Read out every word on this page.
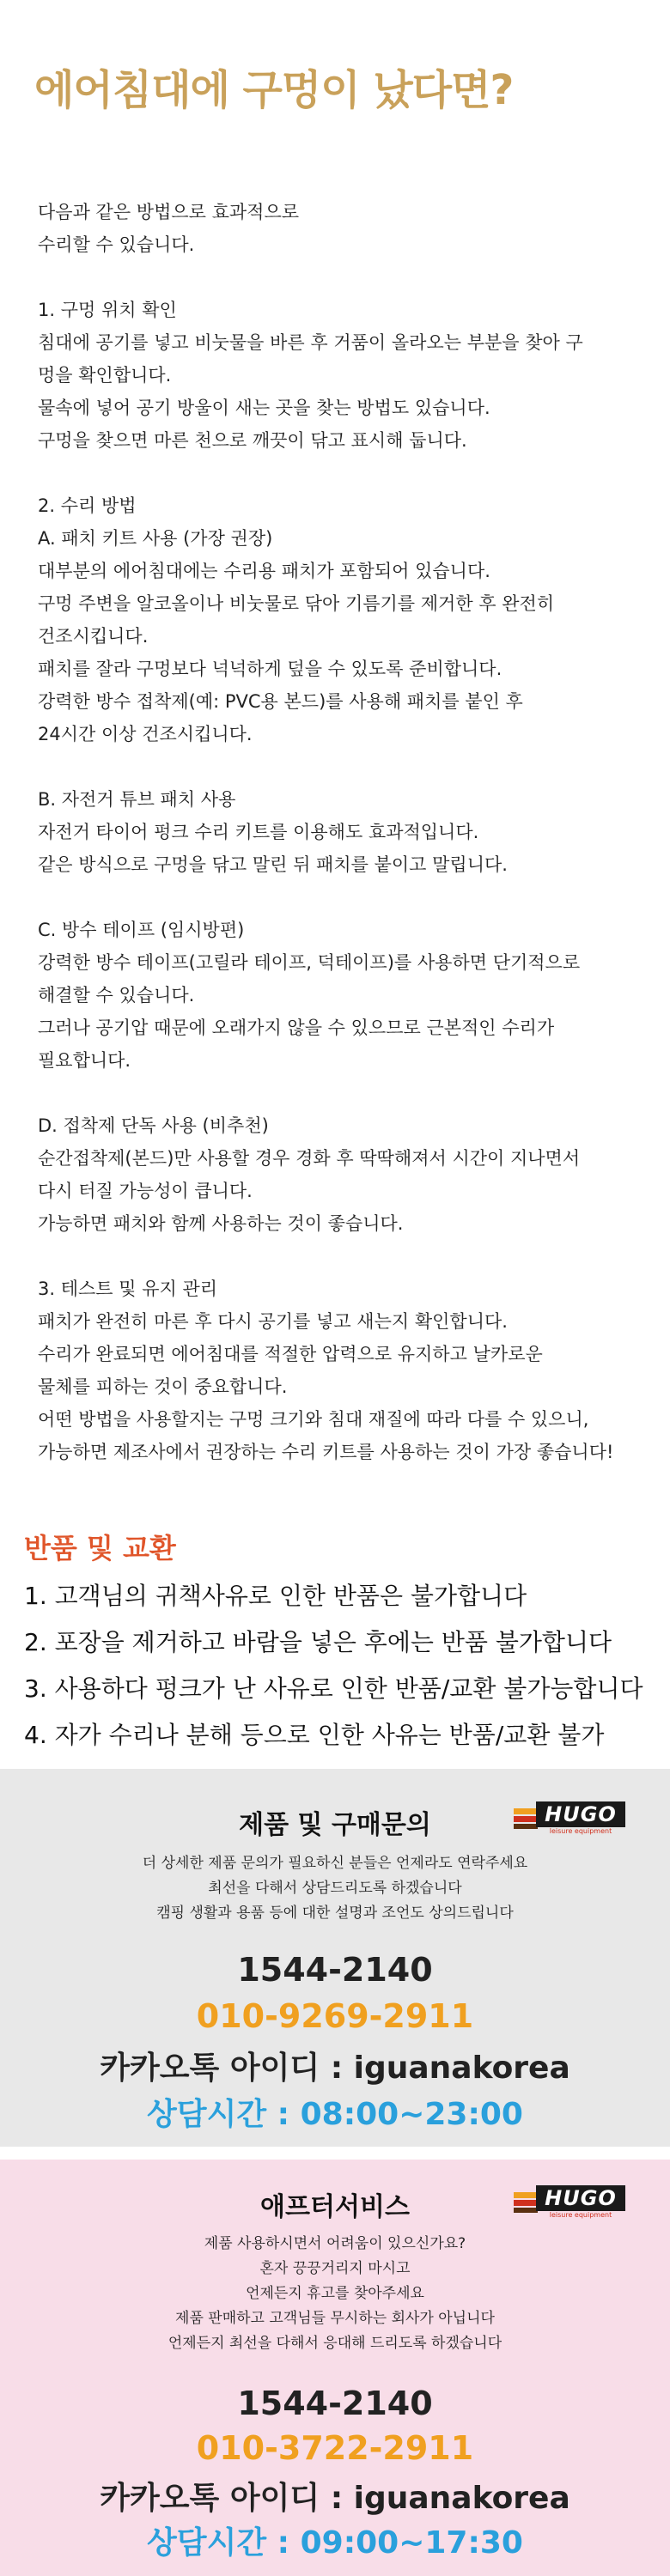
에어침대에 구멍이 났다면?
다음과 같은 방법으로 효과적으로
수리할 수 있습니다.
1. 구멍 위치 확인
침대에 공기를 넣고 비눗물을 바른 후 거품이 올라오는 부분을 찾아 구
멍을 확인합니다.
물속에 넣어 공기 방울이 새는 곳을 찾는 방법도 있습니다.
구멍을 찾으면 마른 천으로 깨끗이 닦고 표시해 둡니다.
2. 수리 방법
A. 패치 키트 사용 (가장 권장)
대부분의 에어침대에는 수리용 패치가 포함되어 있습니다.
구멍 주변을 알코올이나 비눗물로 닦아 기름기를 제거한 후 완전히
건조시킵니다.
패치를 잘라 구멍보다 넉넉하게 덮을 수 있도록 준비합니다.
강력한 방수 접착제(예: PVC용 본드)를 사용해 패치를 붙인 후
24시간 이상 건조시킵니다.
B. 자전거 튜브 패치 사용
자전거 타이어 펑크 수리 키트를 이용해도 효과적입니다.
같은 방식으로 구멍을 닦고 말린 뒤 패치를 붙이고 말립니다.
C. 방수 테이프 (임시방편)
강력한 방수 테이프(고릴라 테이프, 덕테이프)를 사용하면 단기적으로
해결할 수 있습니다.
그러나 공기압 때문에 오래가지 않을 수 있으므로 근본적인 수리가
필요합니다.
D. 접착제 단독 사용 (비추천)
순간접착제(본드)만 사용할 경우 경화 후 딱딱해져서 시간이 지나면서
다시 터질 가능성이 큽니다.
가능하면 패치와 함께 사용하는 것이 좋습니다.
3. 테스트 및 유지 관리
패치가 완전히 마른 후 다시 공기를 넣고 새는지 확인합니다.
수리가 완료되면 에어침대를 적절한 압력으로 유지하고 날카로운
물체를 피하는 것이 중요합니다.
어떤 방법을 사용할지는 구멍 크기와 침대 재질에 따라 다를 수 있으니,
가능하면 제조사에서 권장하는 수리 키트를 사용하는 것이 가장 좋습니다!
반품 및 교환
1. 고객님의 귀책사유로 인한 반품은 불가합니다
2. 포장을 제거하고 바람을 넣은 후에는 반품 불가합니다
3. 사용하다 펑크가 난 사유로 인한 반품/교환 불가능합니다
4. 자가 수리나 분해 등으로 인한 사유는 반품/교환 불가
제품 및 구매문의	HUGO
leisure equipment
더 상세한 제품 문의가 필요하신 분들은 언제라도 연락주세요
최선을 다해서 상담드리도록 하겠습니다
캠핑 생활과 용품 등에 대한 설명과 조언도 상의드립니다
1544-2140
010-9269-2911
카카오톡 아이디 : iguanakorea
상담시간 : 08:00~23:00
애프터서비스	HUGO
leisure equipment
제품 사용하시면서 어려움이 있으신가요?
혼자 끙끙거리지 마시고
언제든지 휴고를 찾아주세요
제품 판매하고 고객님들 무시하는 회사가 아닙니다
언제든지 최선을 다해서 응대해 드리도록 하겠습니다
1544-2140
010-3722-2911
카카오톡 아이디 : iguanakorea
상담시간 : 09:00~17:30
